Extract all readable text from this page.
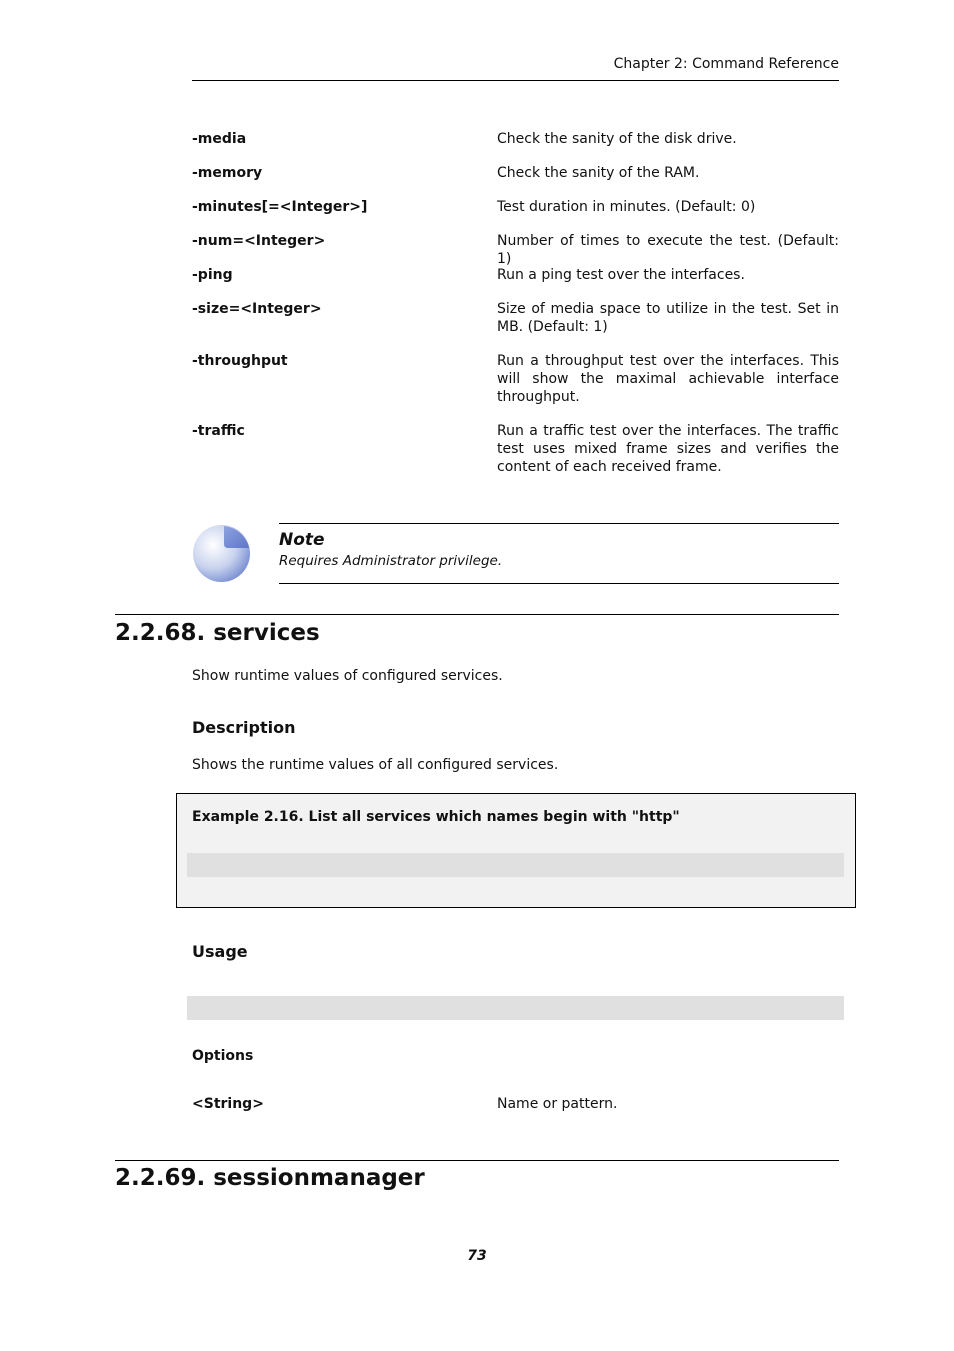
Chapter 2: Command Reference
-media	Check the sanity of the disk drive.
-memory	Check the sanity of the RAM.
-minutes[=<Integer>]	Test duration in minutes. (Default: 0)
-num=<Integer>	Number of times to execute the test. (Default: 1)
-ping	Run a ping test over the interfaces.
-size=<Integer>	Size of media space to utilize in the test. Set in MB. (Default: 1)
-throughput	Run a throughput test over the interfaces. This will show the maximal achievable interface throughput.
-traffic	Run a traffic test over the interfaces. The traffic test uses mixed frame sizes and verifies the content of each received frame.
Note
Requires Administrator privilege.
2.2.68. services
Show runtime values of configured services.
Description
Shows the runtime values of all configured services.
Example 2.16. List all services which names begin with "http"
Usage
Options
<String>	Name or pattern.
2.2.69. sessionmanager
73
